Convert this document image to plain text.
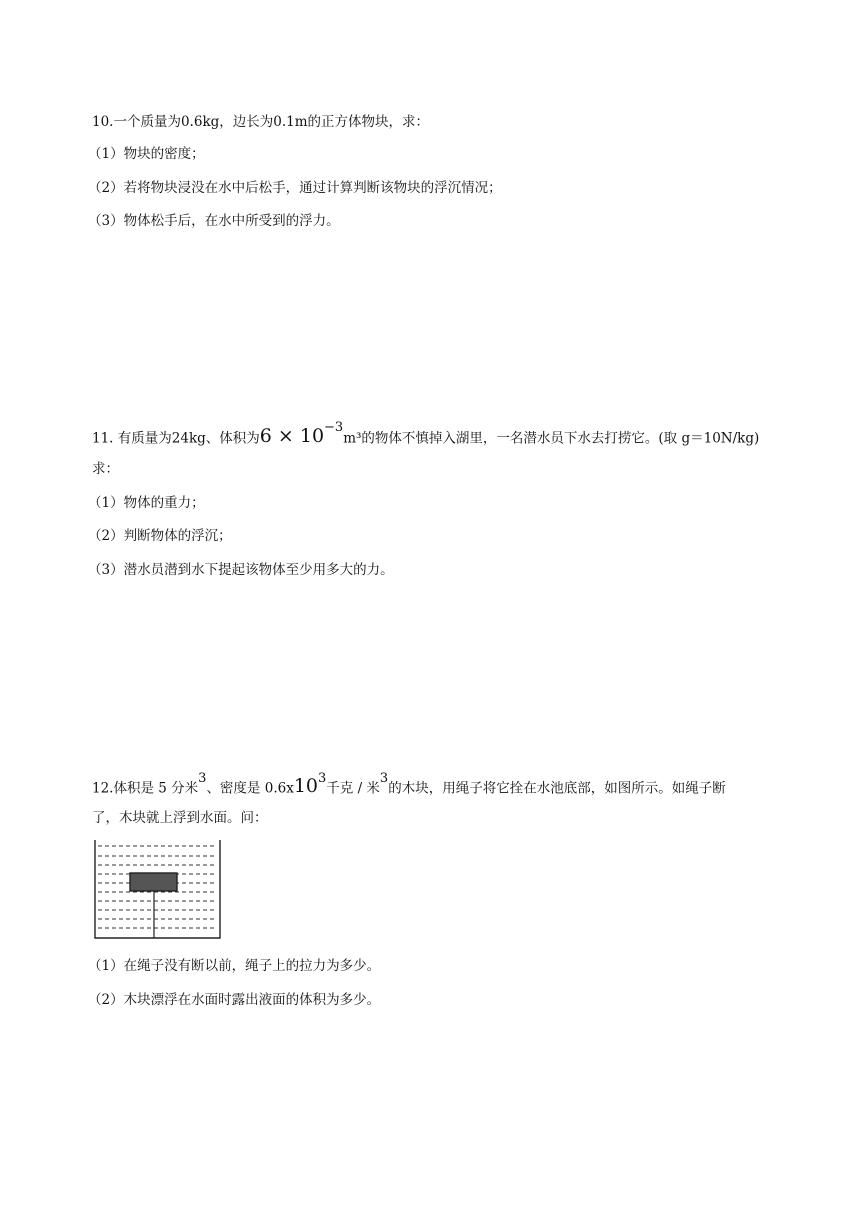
10.一个质量为0.6kg，边长为0.1m的正方体物块，求：
（1）物块的密度；
（2）若将物块浸没在水中后松手，通过计算判断该物块的浮沉情况；
（3）物体松手后，在水中所受到的浮力。
11. 有质量为24kg、体积为$6 \times 10^{-3}m^3$的物体不慎掉入湖里，一名潜水员下水去打捞它。(取 g＝10N/kg)
求：
（1）物体的重力；
（2）判断物体的浮沉；
（3）潜水员潜到水下提起该物体至少用多大的力。
12.体积是 5 分米$^3$、密度是 $0.6x10^3$千克 / 米$^3$的木块，用绳子将它拴在水池底部，如图所示。如绳子断
了，木块就上浮到水面。问：
（1）在绳子没有断以前，绳子上的拉力为多少。
（2）木块漂浮在水面时露出液面的体积为多少。
